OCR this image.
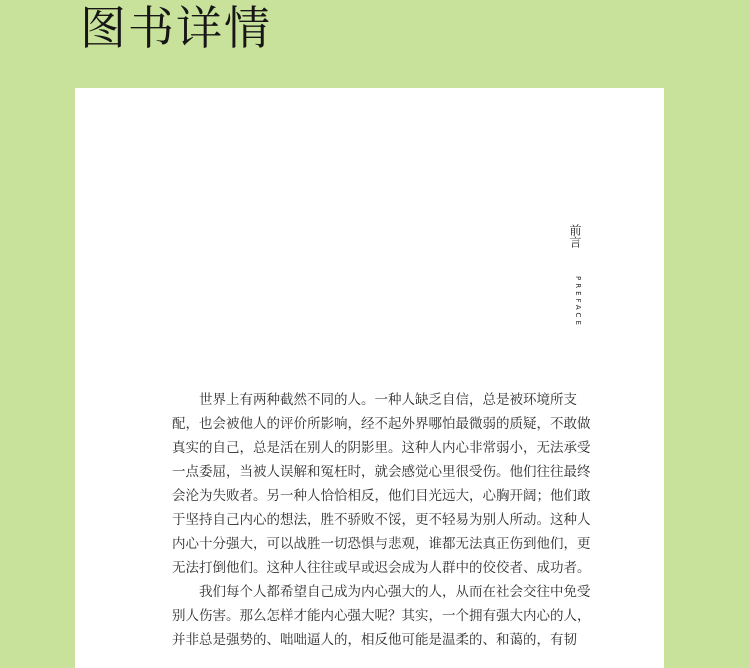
图书详情
前言
PREFACE

　　世界上有两种截然不同的人。一种人缺乏自信，总是被环境所支

配，也会被他人的评价所影响，经不起外界哪怕最微弱的质疑，不敢做

真实的自己，总是活在别人的阴影里。这种人内心非常弱小，无法承受

一点委屈，当被人误解和冤枉时，就会感觉心里很受伤。他们往往最终

会沦为失败者。另一种人恰恰相反，他们目光远大，心胸开阔；他们敢

于坚持自己内心的想法，胜不骄败不馁，更不轻易为别人所动。这种人

内心十分强大，可以战胜一切恐惧与悲观，谁都无法真正伤到他们，更

无法打倒他们。这种人往往或早或迟会成为人群中的佼佼者、成功者。

　　我们每个人都希望自己成为内心强大的人，从而在社会交往中免受

别人伤害。那么怎样才能内心强大呢？其实，一个拥有强大内心的人，

并非总是强势的、咄咄逼人的，相反他可能是温柔的、和蔼的，有韧
